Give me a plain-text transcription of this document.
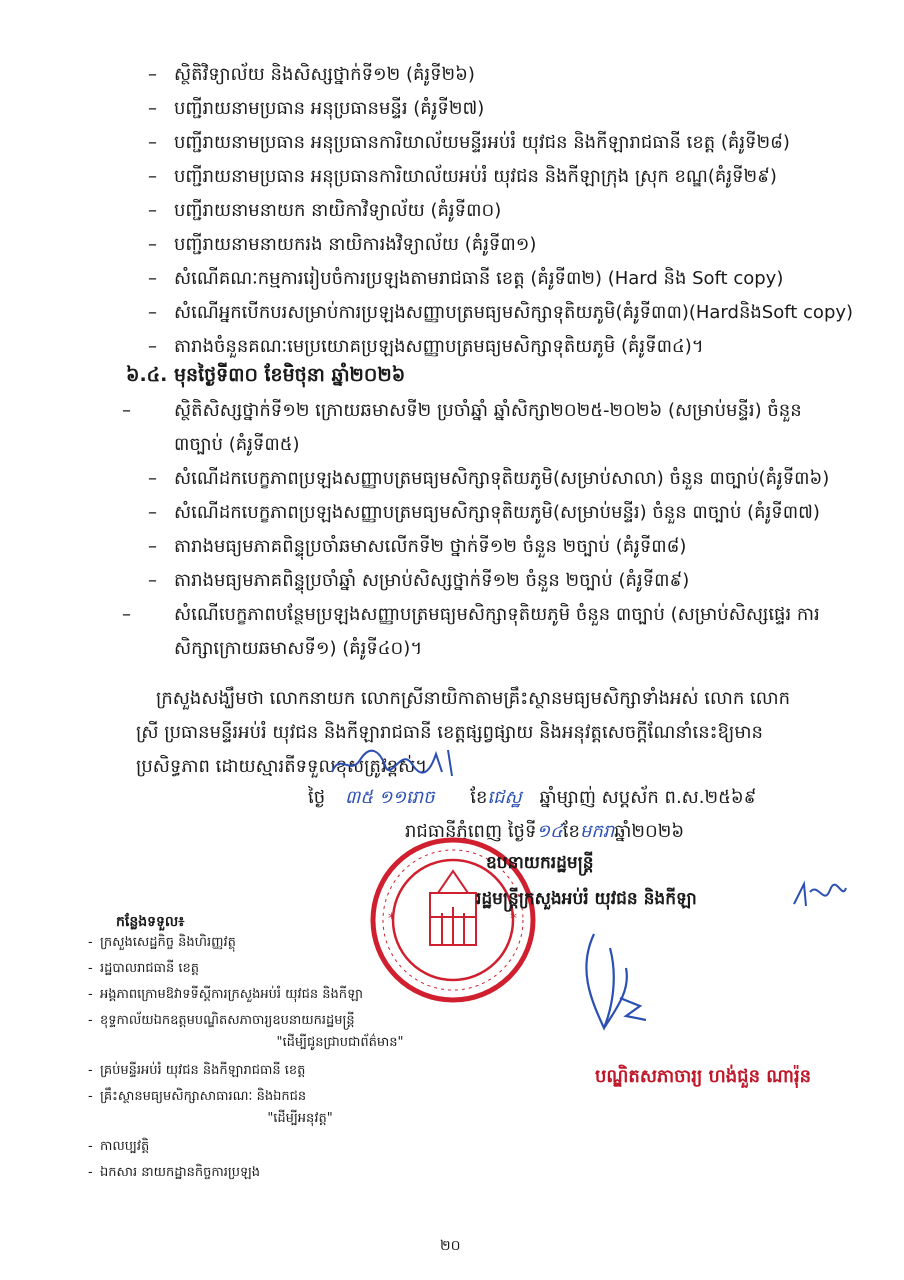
– ស្ថិតិវិទ្យាល័យ និងសិស្សថ្នាក់ទី១២ (គំរូទី២៦)
– បញ្ជីរាយនាមប្រធាន អនុប្រធានមន្ទីរ (គំរូទី២៧)
– បញ្ជីរាយនាមប្រធាន អនុប្រធានការិយាល័យមន្ទីរអប់រំ យុវជន និងកីឡារាជធានី ខេត្ត (គំរូទី២៨)
– បញ្ជីរាយនាមប្រធាន អនុប្រធានការិយាល័យអប់រំ យុវជន និងកីឡាក្រុង ស្រុក ខណ្ឌ(គំរូទី២៩)
– បញ្ជីរាយនាមនាយក នាយិកាវិទ្យាល័យ (គំរូទី៣០)
– បញ្ជីរាយនាមនាយករង នាយិការងវិទ្យាល័យ (គំរូទី៣១)
– សំណើគណៈកម្មការរៀបចំការប្រឡងតាមរាជធានី ខេត្ត (គំរូទី៣២) (Hard និង Soft copy)
– សំណើអ្នកបើកបរសម្រាប់ការប្រឡងសញ្ញាបត្រមធ្យមសិក្សាទុតិយភូមិ(គំរូទី៣៣)(HardនិងSoft copy)
– តារាងចំនួនគណៈមេប្រយោគប្រឡងសញ្ញាបត្រមធ្យមសិក្សាទុតិយភូមិ (គំរូទី៣៤)។
៦.៤. មុនថ្ងៃទី៣០ ខែមិថុនា ឆ្នាំ២០២៦
– ស្ថិតិសិស្សថ្នាក់ទី១២ ក្រោយឆមាសទី២ ប្រចាំឆ្នាំ ឆ្នាំសិក្សា២០២៥-២០២៦ (សម្រាប់មន្ទីរ) ចំនួន ៣ច្បាប់ (គំរូទី៣៥)
– សំណើដកបេក្ខភាពប្រឡងសញ្ញាបត្រមធ្យមសិក្សាទុតិយភូមិ(សម្រាប់សាលា) ចំនួន ៣ច្បាប់(គំរូទី៣៦)
– សំណើដកបេក្ខភាពប្រឡងសញ្ញាបត្រមធ្យមសិក្សាទុតិយភូមិ(សម្រាប់មន្ទីរ) ចំនួន ៣ច្បាប់ (គំរូទី៣៧)
– តារាងមធ្យមភាគពិន្ទុប្រចាំឆមាសលើកទី២ ថ្នាក់ទី១២ ចំនួន ២ច្បាប់ (គំរូទី៣៨)
– តារាងមធ្យមភាគពិន្ទុប្រចាំឆ្នាំ សម្រាប់សិស្សថ្នាក់ទី១២ ចំនួន ២ច្បាប់ (គំរូទី៣៩)
– សំណើបេក្ខភាពបន្ថែមប្រឡងសញ្ញាបត្រមធ្យមសិក្សាទុតិយភូមិ ចំនួន ៣ច្បាប់ (សម្រាប់សិស្សផ្ទេរ ការសិក្សាក្រោយឆមាសទី១) (គំរូទី៤០)។
ក្រសួងសង្ឃឹមថា លោកនាយក លោកស្រីនាយិកាតាមគ្រឹះស្ថានមធ្យមសិក្សាទាំងអស់ លោក លោកស្រី ប្រធានមន្ទីរអប់រំ យុវជន និងកីឡារាជធានី ខេត្តផ្សព្វផ្សាយ និងអនុវត្តសេចក្តីណែនាំនេះឱ្យមានប្រសិទ្ធភាព ដោយស្មារតីទទួលខុសត្រូវខ្ពស់។
ថ្ងៃ ៣៥ ១១រោច ខែជេស្ឋ ឆ្នាំម្សាញ់ សប្តស័ក ព.ស.២៥៦៩
រាជធានីភ្នំពេញ ថ្ងៃទី១៤ខែមករាឆ្នាំ២០២៦
*	*
ឧបនាយករដ្ឋមន្ត្រី
រដ្ឋមន្ត្រីក្រសួងអប់រំ យុវជន និងកីឡា
បណ្ឌិតសភាចារ្យ ហង់ជួន ណារ៉ុន
កន្លែងទទួល៖
- ក្រសួងសេដ្ឋកិច្ច និងហិរញ្ញវត្ថុ
- រដ្ឋបាលរាជធានី ខេត្ត
- អង្គភាពក្រោមឱវាទទីស្តីការក្រសួងអប់រំ យុវជន និងកីឡា
- ខុទ្ទកាល័យឯកឧត្តមបណ្ឌិតសភាចារ្យឧបនាយករដ្ឋមន្ត្រី
"ដើម្បីជូនជ្រាបជាព័ត៌មាន"
- គ្រប់មន្ទីរអប់រំ យុវជន និងកីឡារាជធានី ខេត្ត
- គ្រឹះស្ថានមធ្យមសិក្សាសាធារណៈ និងឯកជន
"ដើម្បីអនុវត្ត"
- កាលប្បវត្តិ
- ឯកសារ នាយកដ្ឋានកិច្ចការប្រឡង
២០
